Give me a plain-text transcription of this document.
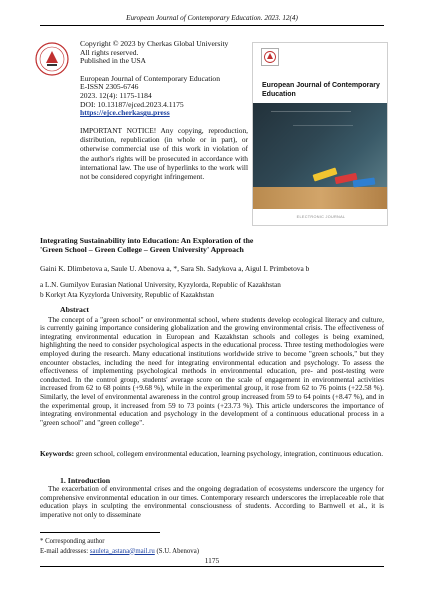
European Journal of Contemporary Education. 2023. 12(4)
Copyright © 2023 by Cherkas Global University
All rights reserved.
Published in the USA
European Journal of Contemporary Education
E-ISSN 2305-6746
2023. 12(4): 1175-1184
DOI: 10.13187/ejced.2023.4.1175
https://ejce.cherkasgu.press
IMPORTANT NOTICE! Any copying, reproduction, distribution, republication (in whole or in part), or otherwise commercial use of this work in violation of the author's rights will be prosecuted in accordance with international law. The use of hyperlinks to the work will not be considered copyright infringement.
European Journal of Contemporary Education
ELECTRONIC JOURNAL
Integrating Sustainability into Education: An Exploration of the
'Green School – Green College – Green University' Approach
Gaini K. Dlimbetova a, Saule U. Abenova a, *, Sara Sh. Sadykova a, Aigul I. Primbetova b
a L.N. Gumilyov Eurasian National University, Kyzylorda, Republic of Kazakhstan
b Korkyt Ata Kyzylorda University, Republic of Kazakhstan
Abstract
The concept of a "green school" or environmental school, where students develop ecological literacy and culture, is currently gaining importance considering globalization and the growing environmental crisis. The effectiveness of integrating environmental education in European and Kazakhstan schools and colleges is being examined, highlighting the need to consider psychological aspects in the educational process. Three testing methodologies were employed during the research. Many educational institutions worldwide strive to become "green schools," but they encounter obstacles, including the need for integrating environmental education and psychology. To assess the effectiveness of implementing psychological methods in environmental education, pre- and post-testing were conducted. In the control group, students' average score on the scale of engagement in environmental activities increased from 62 to 68 points (+9.68 %), while in the experimental group, it rose from 62 to 76 points (+22.58 %). Similarly, the level of environmental awareness in the control group increased from 59 to 64 points (+8.47 %), and in the experimental group, it increased from 59 to 73 points (+23.73 %). This article underscores the importance of integrating environmental education and psychology in the development of a continuous educational process in a "green school" and "green college".
Keywords: green school, collegem environmental education, learning psychology, integration, continuous education.
1. Introduction
The exacerbation of environmental crises and the ongoing degradation of ecosystems underscore the urgency for comprehensive environmental education in our times. Contemporary research underscores the irreplaceable role that education plays in sculpting the environmental consciousness of students. According to Barnwell et al., it is imperative not only to disseminate
* Corresponding author
E-mail addresses: sauleta_astana@mail.ru (S.U. Abenova)
1175
